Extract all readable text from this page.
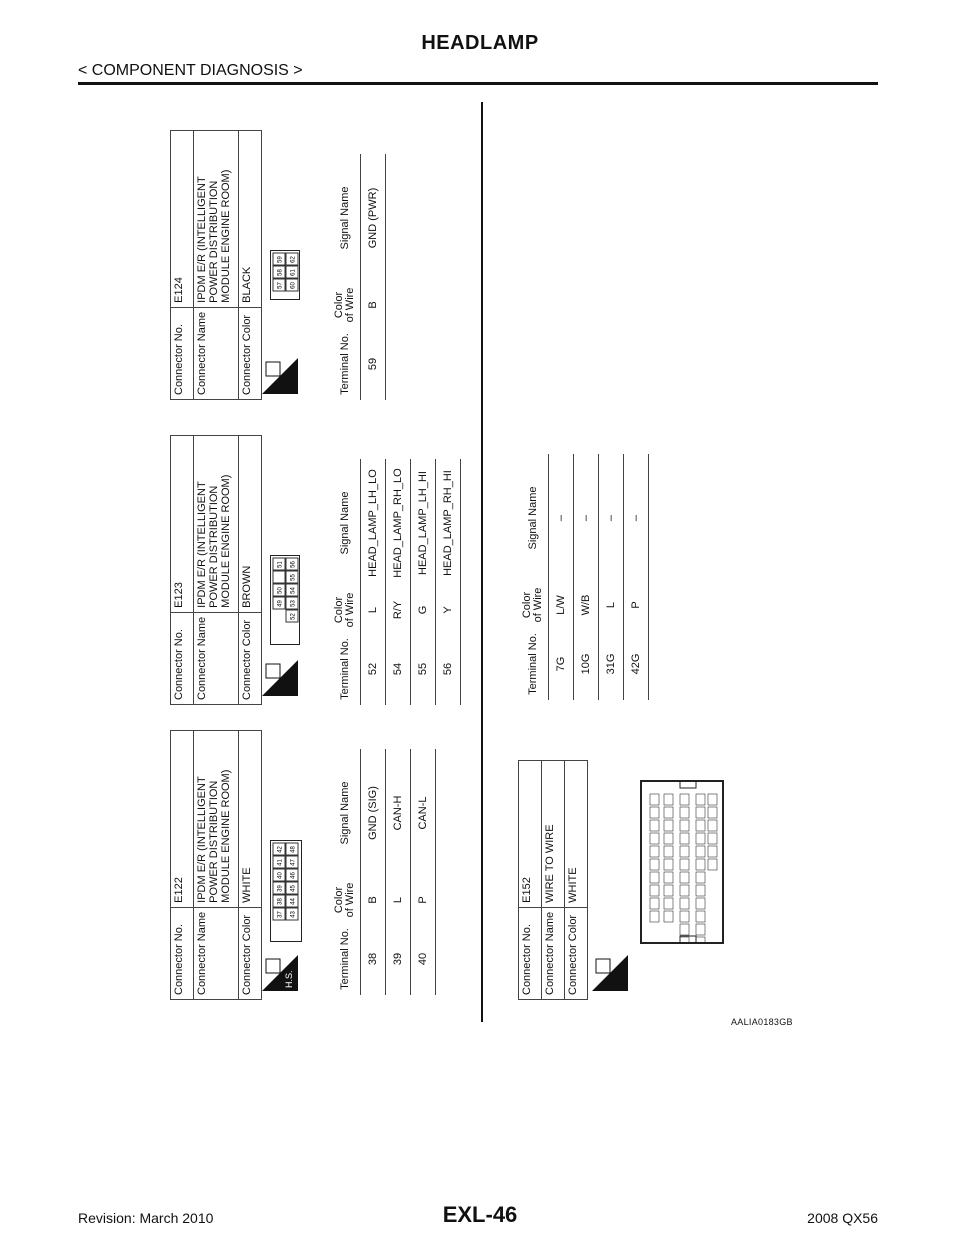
HEADLAMP
< COMPONENT DIAGNOSIS >
Connector No.	E122
Connector Name	IPDM E/R (INTELLIGENT POWER DISTRIBUTION MODULE ENGINE ROOM)
Connector Color	WHITE
H.S.
42
41
40
39
38
37
48
47
46
45
44
43
Terminal No.	Color of Wire	Signal Name
38	B	GND (SIG)
39	L	CAN-H
40	P	CAN-L
Connector No.	E123
Connector Name	IPDM E/R (INTELLIGENT POWER DISTRIBUTION MODULE ENGINE ROOM)
Connector Color	BROWN
51
50
49
56
55
54
53
52
Terminal No.	Color of Wire	Signal Name
52	L	HEAD_LAMP_LH_LO
54	R/Y	HEAD_LAMP_RH_LO
55	G	HEAD_LAMP_LH_HI
56	Y	HEAD_LAMP_RH_HI
Connector No.	E124
Connector Name	IPDM E/R (INTELLIGENT POWER DISTRIBUTION MODULE ENGINE ROOM)
Connector Color	BLACK
59
58
57
62
61
60
Terminal No.	Color of Wire	Signal Name
59	B	GND (PWR)
Connector No.	E152
Connector Name	WIRE TO WIRE
Connector Color	WHITE
Terminal No.	Color of Wire	Signal Name
7G	L/W	–
10G	W/B	–
31G	L	–
42G	P	–
AALIA0183GB
Revision: March 2010	EXL-46	2008 QX56
